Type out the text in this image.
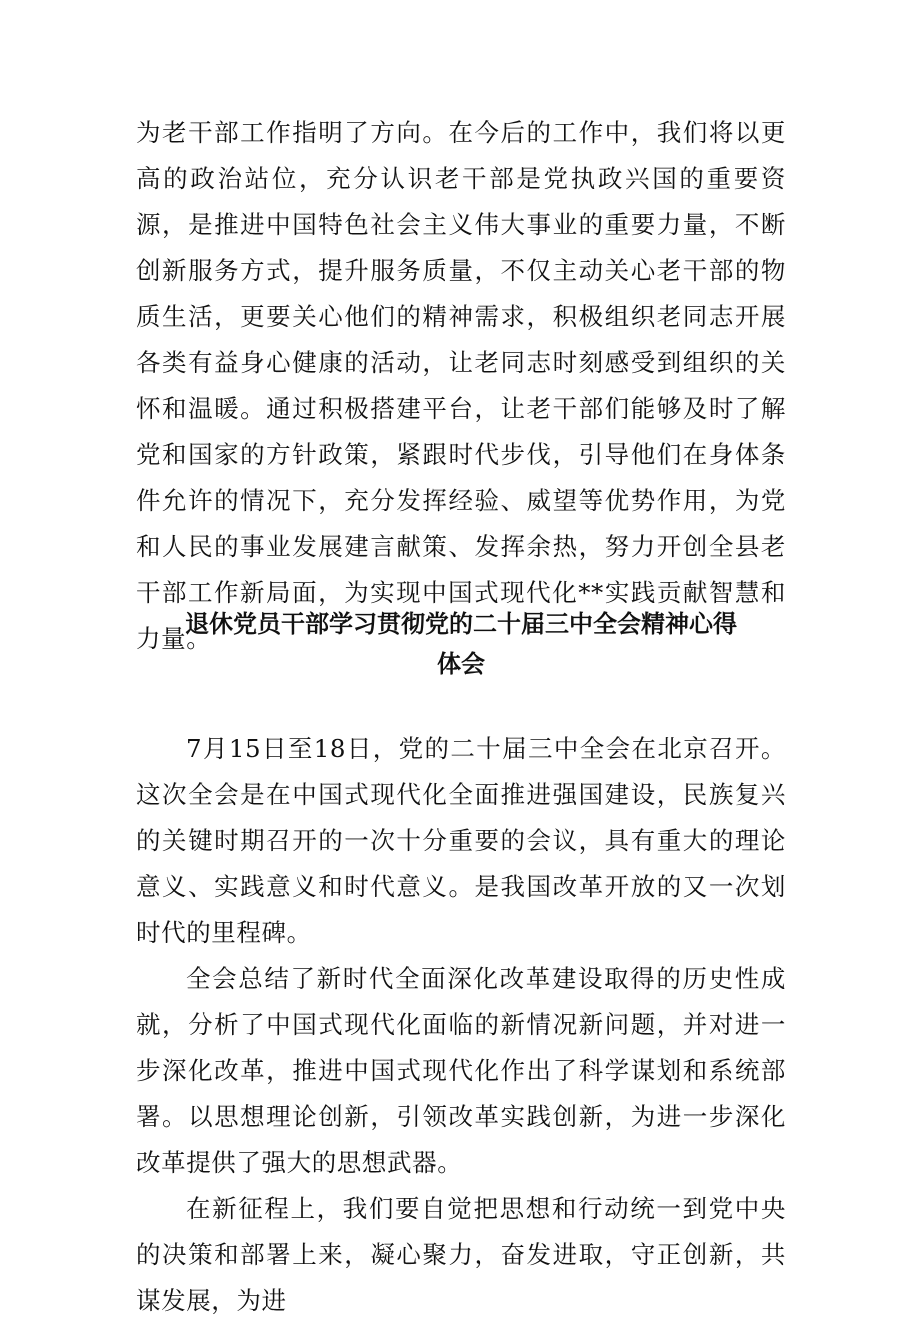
为老干部工作指明了方向。在今后的工作中，我们将以更高的政治站位，充分认识老干部是党执政兴国的重要资源，是推进中国特色社会主义伟大事业的重要力量，不断创新服务方式，提升服务质量，不仅主动关心老干部的物质生活，更要关心他们的精神需求，积极组织老同志开展各类有益身心健康的活动，让老同志时刻感受到组织的关怀和温暖。通过积极搭建平台，让老干部们能够及时了解党和国家的方针政策，紧跟时代步伐，引导他们在身体条件允许的情况下，充分发挥经验、威望等优势作用，为党和人民的事业发展建言献策、发挥余热，努力开创全县老干部工作新局面，为实现中国式现代化**实践贡献智慧和力量。

退休党员干部学习贯彻党的二十届三中全会精神心得
体会

7月15日至18日，党的二十届三中全会在北京召开。这次全会是在中国式现代化全面推进强国建设，民族复兴的关键时期召开的一次十分重要的会议，具有重大的理论意义、实践意义和时代意义。是我国改革开放的又一次划时代的里程碑。

全会总结了新时代全面深化改革建设取得的历史性成就，分析了中国式现代化面临的新情况新问题，并对进一步深化改革，推进中国式现代化作出了科学谋划和系统部署。以思想理论创新，引领改革实践创新，为进一步深化改革提供了强大的思想武器。

在新征程上，我们要自觉把思想和行动统一到党中央的决策和部署上来，凝心聚力，奋发进取，守正创新，共谋发展，为进
